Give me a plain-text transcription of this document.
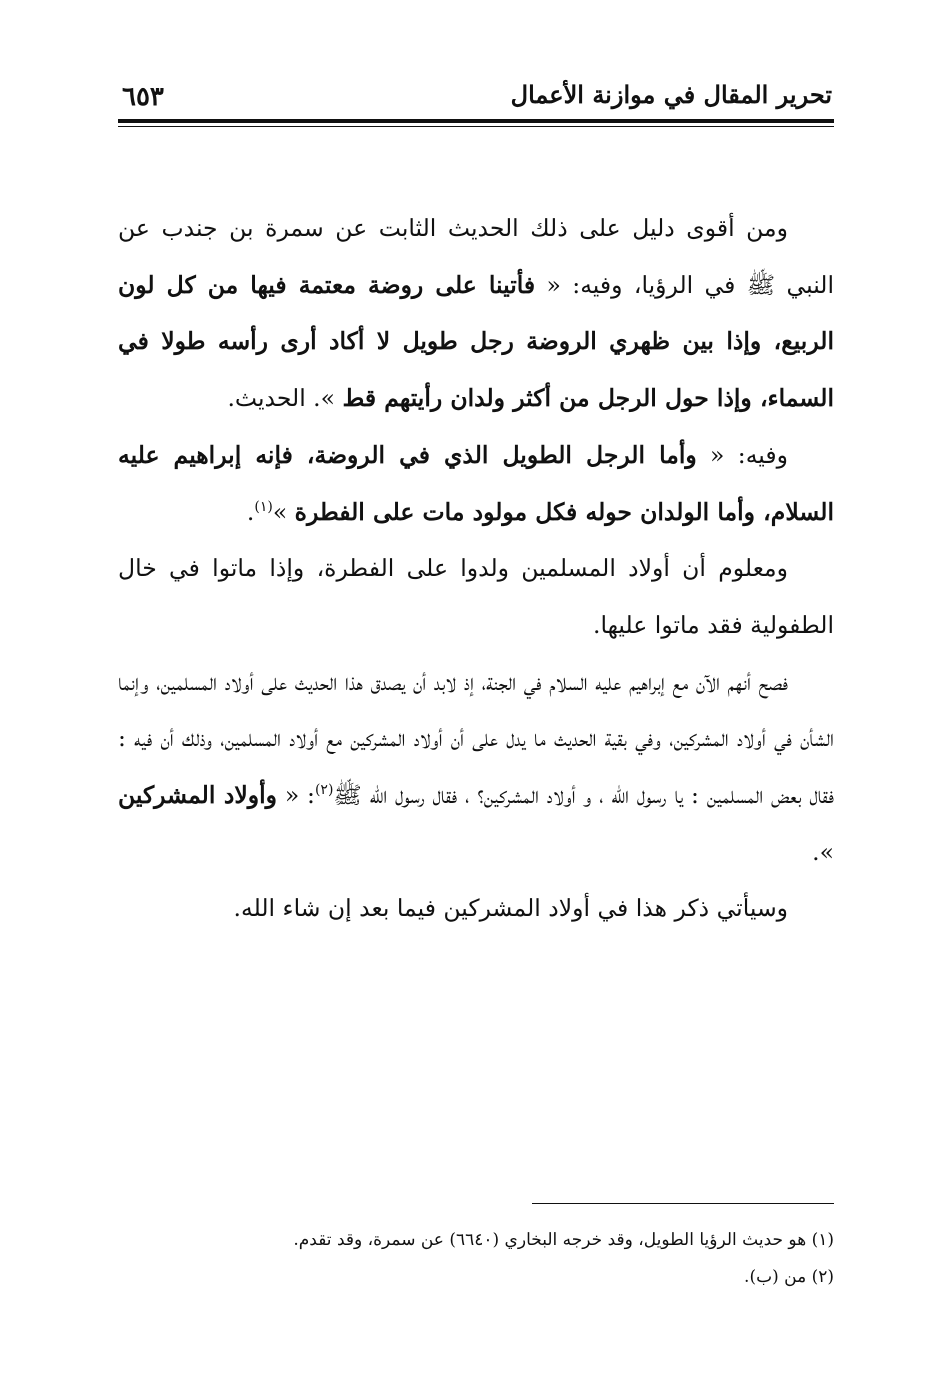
٦٥٣	تحرير المقال في موازنة الأعمال

ومن أقوى دليل على ذلك الحديث الثابت عن سمرة بن جندب عن النبي ﷺ في الرؤيا، وفيه: « فأتينا على روضة معتمة فيها من كل لون الربيع، وإذا بين ظهري الروضة رجل طويل لا أكاد أرى رأسه طولا في السماء، وإذا حول الرجل من أكثر ولدان رأيتهم قط ». الحديث.

وفيه: « وأما الرجل الطويل الذي في الروضة، فإنه إبراهيم عليه السلام، وأما الولدان حوله فكل مولود مات على الفطرة »$^{(١)}$.

ومعلوم أن أولاد المسلمين ولدوا على الفطرة، وإذا ماتوا في خال الطفولية فقد ماتوا عليها.

فصح أنهم الآن مع إبراهيم عليه السلام في الجنة، إذ لابد أن يصدق هذا الحديث على أولاد المسلمين، وإنما الشأن في أولاد المشركين، وفي بقية الحديث ما يدل على أن أولاد المشركين مع أولاد المسلمين، وذلك أن فيه : فقال بعض المسلمين : يا رسول الله ، و أولاد المشركين؟ ، فقال رسول الله ﷺ$^{(٢)}$: « وأولاد المشركين ».

وسيأتي ذكر هذا في أولاد المشركين فيما بعد إن شاء الله.

(١) هو حديث الرؤيا الطويل، وقد خرجه البخاري (٦٦٤٠) عن سمرة، وقد تقدم.

(٢) من (ب).
